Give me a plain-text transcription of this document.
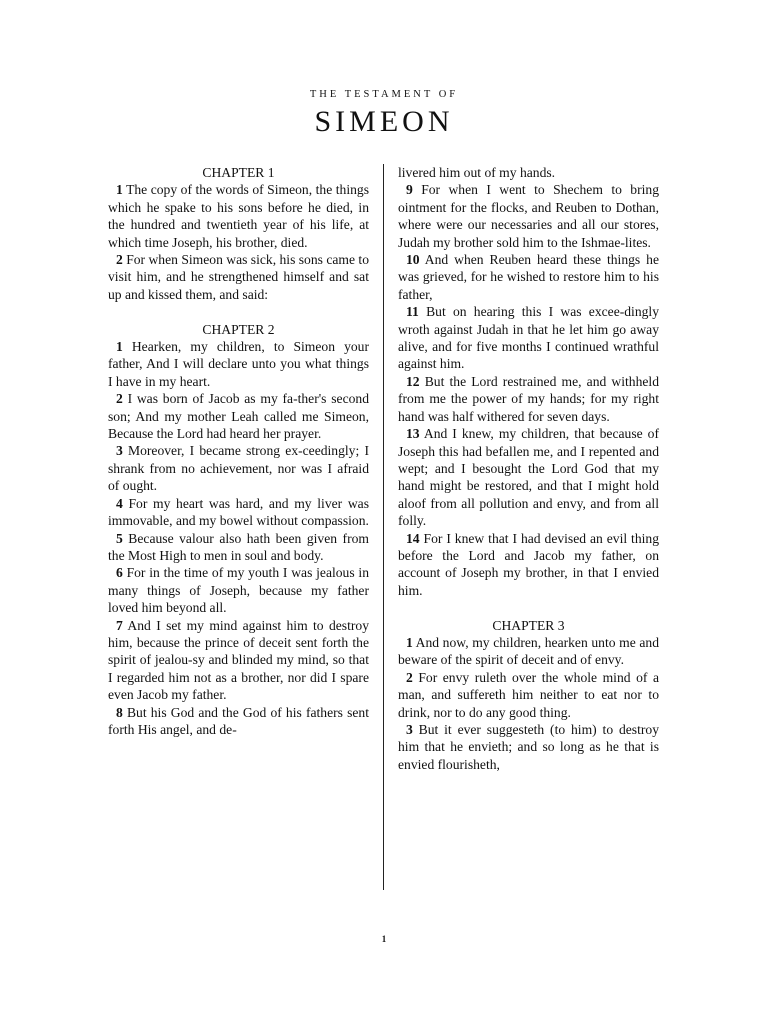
THE TESTAMENT OF
SIMEON
CHAPTER 1

1 The copy of the words of Simeon, the things which he spake to his sons before he died, in the hundred and twentieth year of his life, at which time Joseph, his brother, died.

2 For when Simeon was sick, his sons came to visit him, and he strengthened himself and sat up and kissed them, and said:

CHAPTER 2

1 Hearken, my children, to Simeon your father, And I will declare unto you what things I have in my heart.

2 I was born of Jacob as my fa-ther's second son; And my mother Leah called me Simeon, Because the Lord had heard her prayer.

3 Moreover, I became strong ex-ceedingly; I shrank from no achievement, nor was I afraid of ought.

4 For my heart was hard, and my liver was immovable, and my bowel without compassion.

5 Because valour also hath been given from the Most High to men in soul and body.

6 For in the time of my youth I was jealous in many things of Joseph, because my father loved him beyond all.

7 And I set my mind against him to destroy him, because the prince of deceit sent forth the spirit of jealou-sy and blinded my mind, so that I regarded him not as a brother, nor did I spare even Jacob my father.

8 But his God and the God of his fathers sent forth His angel, and de-

livered him out of my hands.

9 For when I went to Shechem to bring ointment for the flocks, and Reuben to Dothan, where were our necessaries and all our stores, Judah my brother sold him to the Ishmae-lites.

10 And when Reuben heard these things he was grieved, for he wished to restore him to his father,

11 But on hearing this I was excee-dingly wroth against Judah in that he let him go away alive, and for five months I continued wrathful against him.

12 But the Lord restrained me, and withheld from me the power of my hands; for my right hand was half withered for seven days.

13 And I knew, my children, that because of Joseph this had befallen me, and I repented and wept; and I besought the Lord God that my hand might be restored, and that I might hold aloof from all pollution and envy, and from all folly.

14 For I knew that I had devised an evil thing before the Lord and Jacob my father, on account of Joseph my brother, in that I envied him.

CHAPTER 3

1 And now, my children, hearken unto me and beware of the spirit of deceit and of envy.

2 For envy ruleth over the whole mind of a man, and suffereth him neither to eat nor to drink, nor to do any good thing.

3 But it ever suggesteth (to him) to destroy him that he envieth; and so long as he that is envied flourisheth,

1
